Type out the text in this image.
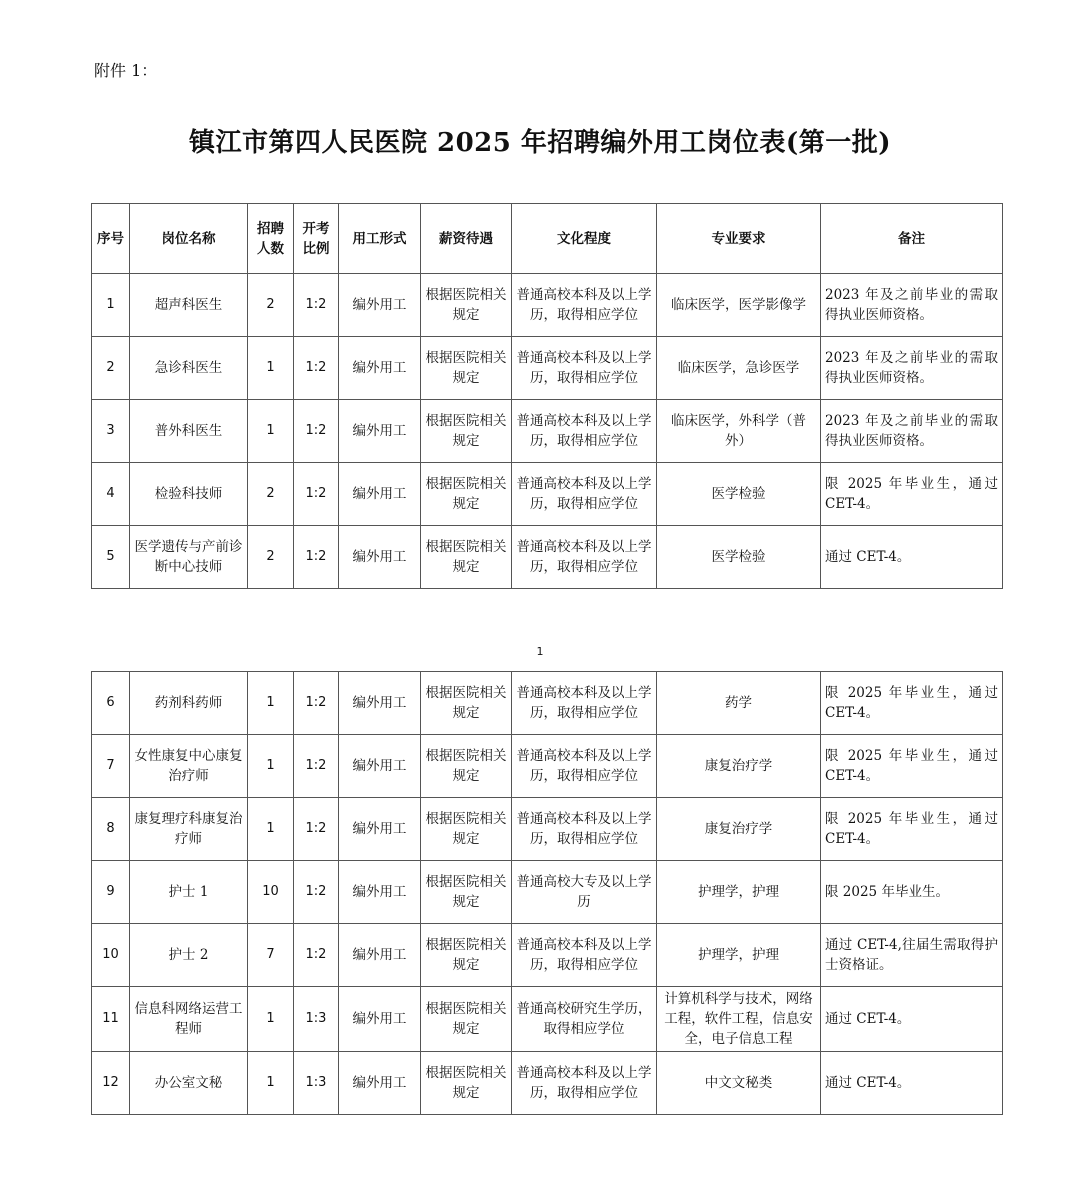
附件 1：
镇江市第四人民医院 2025 年招聘编外用工岗位表(第一批)
序号	岗位名称	招聘人数	开考比例	用工形式	薪资待遇	文化程度	专业要求	备注
1	超声科医生	2	1:2	编外用工	根据医院相关规定	普通高校本科及以上学历，取得相应学位	临床医学，医学影像学	2023 年及之前毕业的需取得执业医师资格。
2	急诊科医生	1	1:2	编外用工	根据医院相关规定	普通高校本科及以上学历，取得相应学位	临床医学，急诊医学	2023 年及之前毕业的需取得执业医师资格。
3	普外科医生	1	1:2	编外用工	根据医院相关规定	普通高校本科及以上学历，取得相应学位	临床医学，外科学（普外）	2023 年及之前毕业的需取得执业医师资格。
4	检验科技师	2	1:2	编外用工	根据医院相关规定	普通高校本科及以上学历，取得相应学位	医学检验	限 2025 年毕业生，通过 CET-4。
5	医学遗传与产前诊断中心技师	2	1:2	编外用工	根据医院相关规定	普通高校本科及以上学历，取得相应学位	医学检验	通过 CET-4。
1
6	药剂科药师	1	1:2	编外用工	根据医院相关规定	普通高校本科及以上学历，取得相应学位	药学	限 2025 年毕业生，通过 CET-4。
7	女性康复中心康复治疗师	1	1:2	编外用工	根据医院相关规定	普通高校本科及以上学历，取得相应学位	康复治疗学	限 2025 年毕业生，通过 CET-4。
8	康复理疗科康复治疗师	1	1:2	编外用工	根据医院相关规定	普通高校本科及以上学历，取得相应学位	康复治疗学	限 2025 年毕业生，通过 CET-4。
9	护士 1	10	1:2	编外用工	根据医院相关规定	普通高校大专及以上学历	护理学，护理	限 2025 年毕业生。
10	护士 2	7	1:2	编外用工	根据医院相关规定	普通高校本科及以上学历，取得相应学位	护理学，护理	通过 CET-4,往届生需取得护士资格证。
11	信息科网络运营工程师	1	1:3	编外用工	根据医院相关规定	普通高校研究生学历，取得相应学位	计算机科学与技术，网络工程，软件工程，信息安全，电子信息工程	通过 CET-4。
12	办公室文秘	1	1:3	编外用工	根据医院相关规定	普通高校本科及以上学历，取得相应学位	中文文秘类	通过 CET-4。
